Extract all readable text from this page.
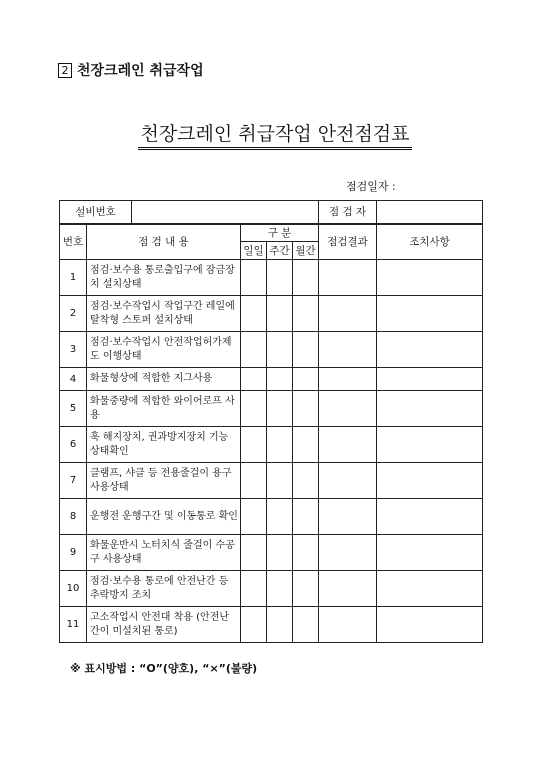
2 천장크레인 취급작업
천장크레인 취급작업 안전점검표
점검일자 :
설비번호						점 검 자	
번호	점 검 내 용		구 분			점검결과	조치사항
			일일	주간	월간		
1	점검·보수용 통로출입구에 잠금장치 설치상태						
2	점검·보수작업시 작업구간 레일에 탈착형 스토퍼 설치상태						
3	점검·보수작업시 안전작업허가제도 이행상태						
4	화물형상에 적합한 지그사용						
5	화물중량에 적합한 와이어로프 사용						
6	훅 해지장치, 권과방지장치 기능 상태확인						
7	클램프, 샤클 등 전용줄걸이 용구 사용상태						
8	운행전 운행구간 및 이동통로 확인						
9	화물운반시 노터치식 줄걸이 수공구 사용상태						
10	점검·보수용 통로에 안전난간 등 추락방지 조치						
11	고소작업시 안전대 착용 (안전난간이 미설치된 통로)						
※ 표시방법 : “O”(양호), “×”(불량)
